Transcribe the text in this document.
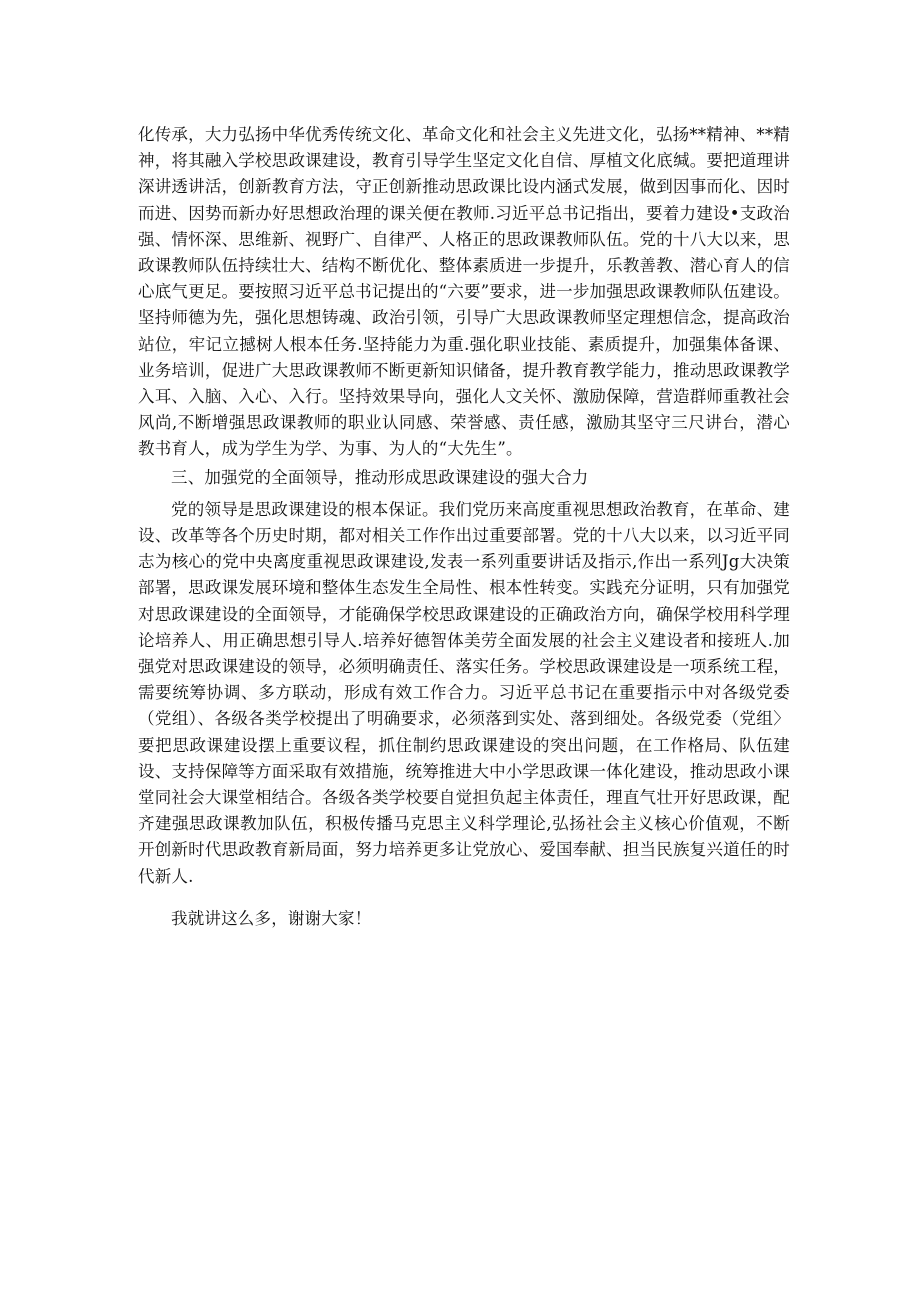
化传承，大力弘扬中华优秀传统文化、革命文化和社会主义先进文化，弘扬**精神、**精神，将其融入学校思政课建设，教育引导学生坚定文化自信、厚植文化底缄。要把道理讲深讲透讲活，创新教育方法，守正创新推动思政课比设内涵式发展，做到因事而化、因时而进、因势而新办好思想政治理的课关便在教师.习近平总书记指出，要着力建设•支政治强、情怀深、思维新、视野广、自律严、人格正的思政课教师队伍。党的十八大以来，思政课教师队伍持续壮大、结构不断优化、整体素质进一步提升，乐教善教、潜心育人的信心底气更足。要按照习近平总书记提出的“六要”要求，进一步加强思政课教师队伍建设。坚持师德为先，强化思想铸魂、政治引领，引导广大思政课教师坚定理想信念，提高政治站位，牢记立撼树人根本任务.坚持能力为重.强化职业技能、素质提升，加强集体备课、业务培训，促进广大思政课教师不断更新知识储备，提升教育教学能力，推动思政课教学入耳、入脑、入心、入行。坚持效果导向，强化人文关怀、激励保障，营造群师重教社会风尚,不断增强思政课教师的职业认同感、荣誉感、责任感，激励其坚守三尺讲台，潜心教书育人，成为学生为学、为事、为人的“大先生”。

三、加强党的全面领导，推动形成思政课建设的强大合力

党的领导是思政课建设的根本保证。我们党历来高度重视思想政治教育，在革命、建设、改革等各个历史时期，都对相关工作作出过重要部署。党的十八大以来，以习近平同志为核心的党中央离度重视思政课建设,发表一系列重要讲话及指示,作出一系列Jg大决策部署，思政课发展环境和整体生态发生全局性、根本性转变。实践充分证明，只有加强党对思政课建设的全面领导，才能确保学校思政课建设的正确政治方向，确保学校用科学理论培养人、用正确思想引导人.培养好德智体美劳全面发展的社会主义建设者和接班人.加强党对思政课建设的领导，必须明确责任、落实任务。学校思政课建设是一项系统工程，需要统筹协调、多方联动，形成有效工作合力。习近平总书记在重要指示中对各级党委（党组）、各级各类学校提出了明确要求，必须落到实处、落到细处。各级党委（党组〉要把思政课建设摆上重要议程，抓住制约思政课建设的突出问题，在工作格局、队伍建设、支持保障等方面采取有效措施，统筹推进大中小学思政课一体化建设，推动思政小课堂同社会大课堂相结合。各级各类学校要自觉担负起主体责任，理直气壮开好思政课，配齐建强思政课教加队伍，积极传播马克思主义科学理论,弘扬社会主义核心价值观，不断开创新时代思政教育新局面，努力培养更多让党放心、爱国奉献、担当民族复兴道任的时代新人.

我就讲这么多，谢谢大家！
